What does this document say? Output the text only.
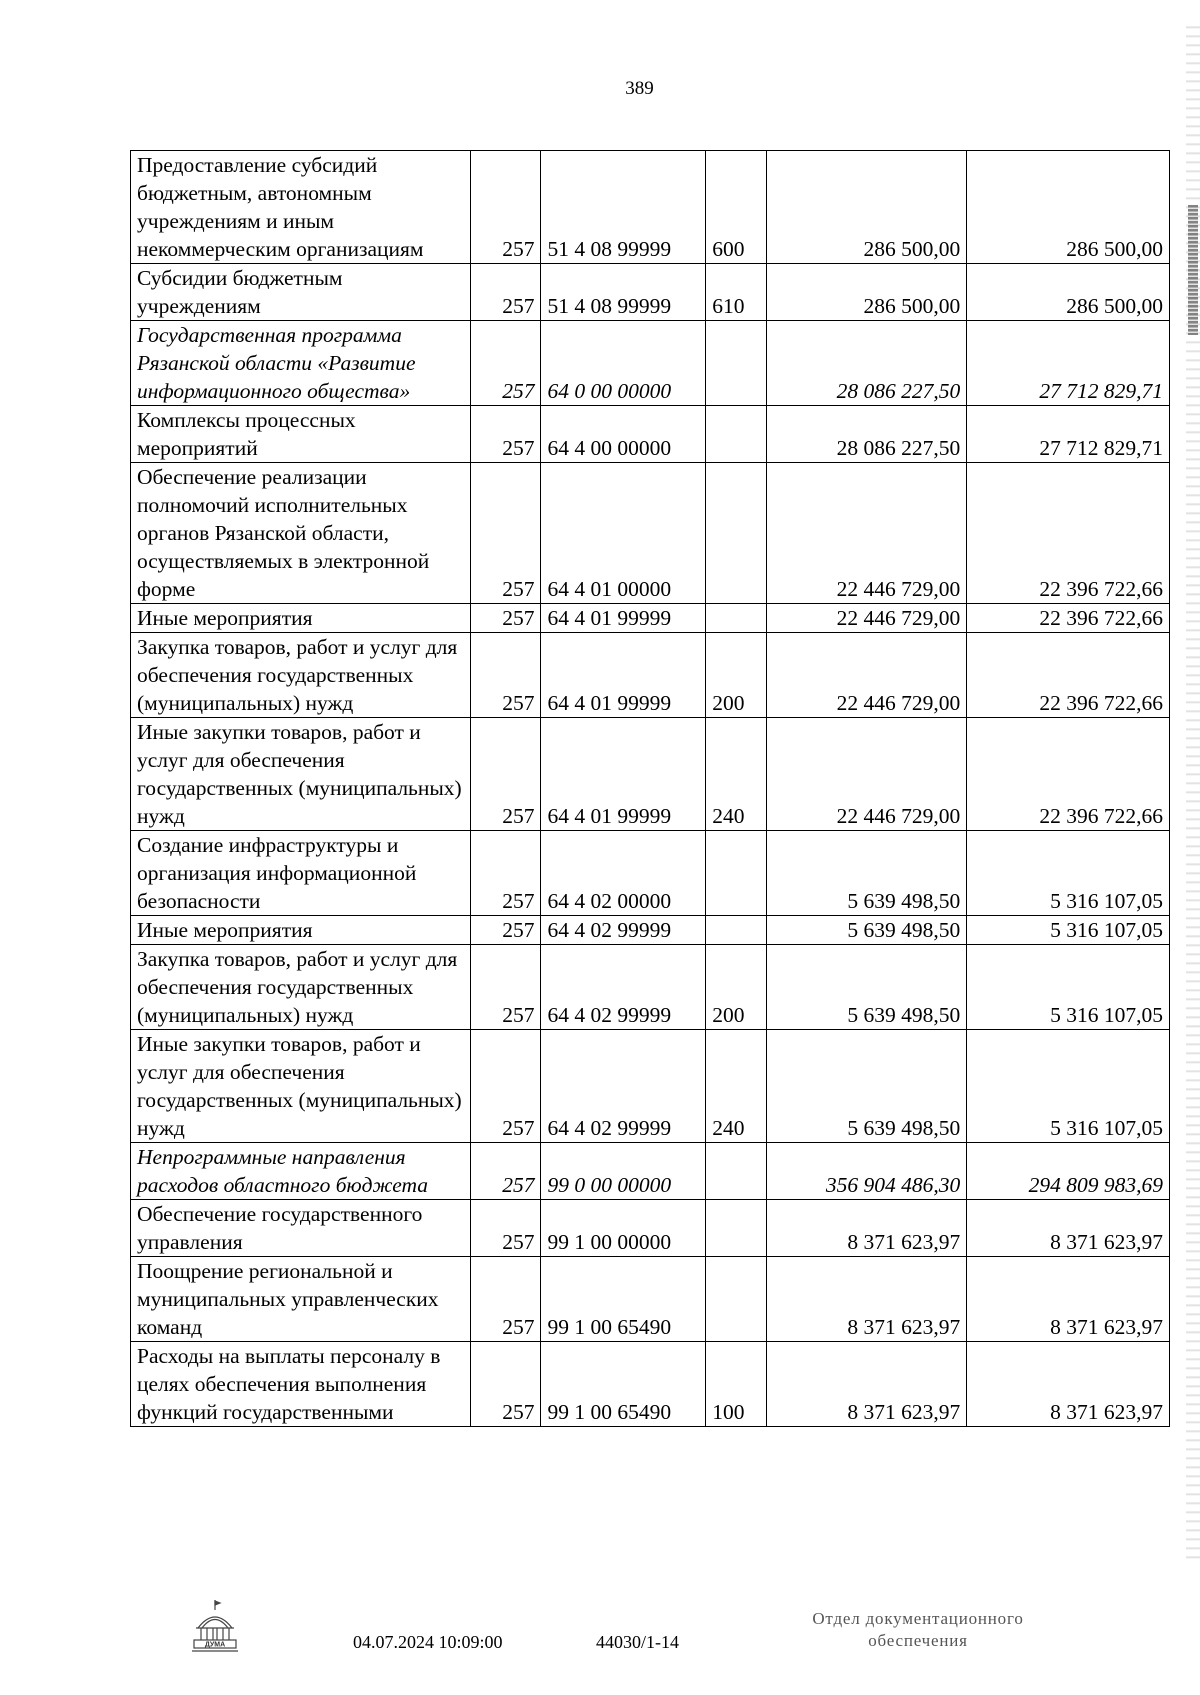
389
Предоставление субсидий бюджетным, автономным учреждениям и иным некоммерческим организациям	257	51 4 08 99999	600	286 500,00	286 500,00
Субсидии бюджетным учреждениям	257	51 4 08 99999	610	286 500,00	286 500,00
Государственная программа Рязанской области «Развитие информационного общества»	257	64 0 00 00000		28 086 227,50	27 712 829,71
Комплексы процессных мероприятий	257	64 4 00 00000		28 086 227,50	27 712 829,71
Обеспечение реализации полномочий исполнительных органов Рязанской области, осуществляемых в электронной форме	257	64 4 01 00000		22 446 729,00	22 396 722,66
Иные мероприятия	257	64 4 01 99999		22 446 729,00	22 396 722,66
Закупка товаров, работ и услуг для обеспечения государственных (муниципальных) нужд	257	64 4 01 99999	200	22 446 729,00	22 396 722,66
Иные закупки товаров, работ и услуг для обеспечения государственных (муниципальных) нужд	257	64 4 01 99999	240	22 446 729,00	22 396 722,66
Создание инфраструктуры и организация информационной безопасности	257	64 4 02 00000		5 639 498,50	5 316 107,05
Иные мероприятия	257	64 4 02 99999		5 639 498,50	5 316 107,05
Закупка товаров, работ и услуг для обеспечения государственных (муниципальных) нужд	257	64 4 02 99999	200	5 639 498,50	5 316 107,05
Иные закупки товаров, работ и услуг для обеспечения государственных (муниципальных) нужд	257	64 4 02 99999	240	5 639 498,50	5 316 107,05
Непрограммные направления расходов областного бюджета	257	99 0 00 00000		356 904 486,30	294 809 983,69
Обеспечение государственного управления	257	99 1 00 00000		8 371 623,97	8 371 623,97
Поощрение региональной и муниципальных управленческих команд	257	99 1 00 65490		8 371 623,97	8 371 623,97
Расходы на выплаты персоналу в целях обеспечения выполнения функций государственными	257	99 1 00 65490	100	8 371 623,97	8 371 623,97
ДУМА	04.07.2024 10:09:00	44030/1-14
Отдел документационного
обеспечения
